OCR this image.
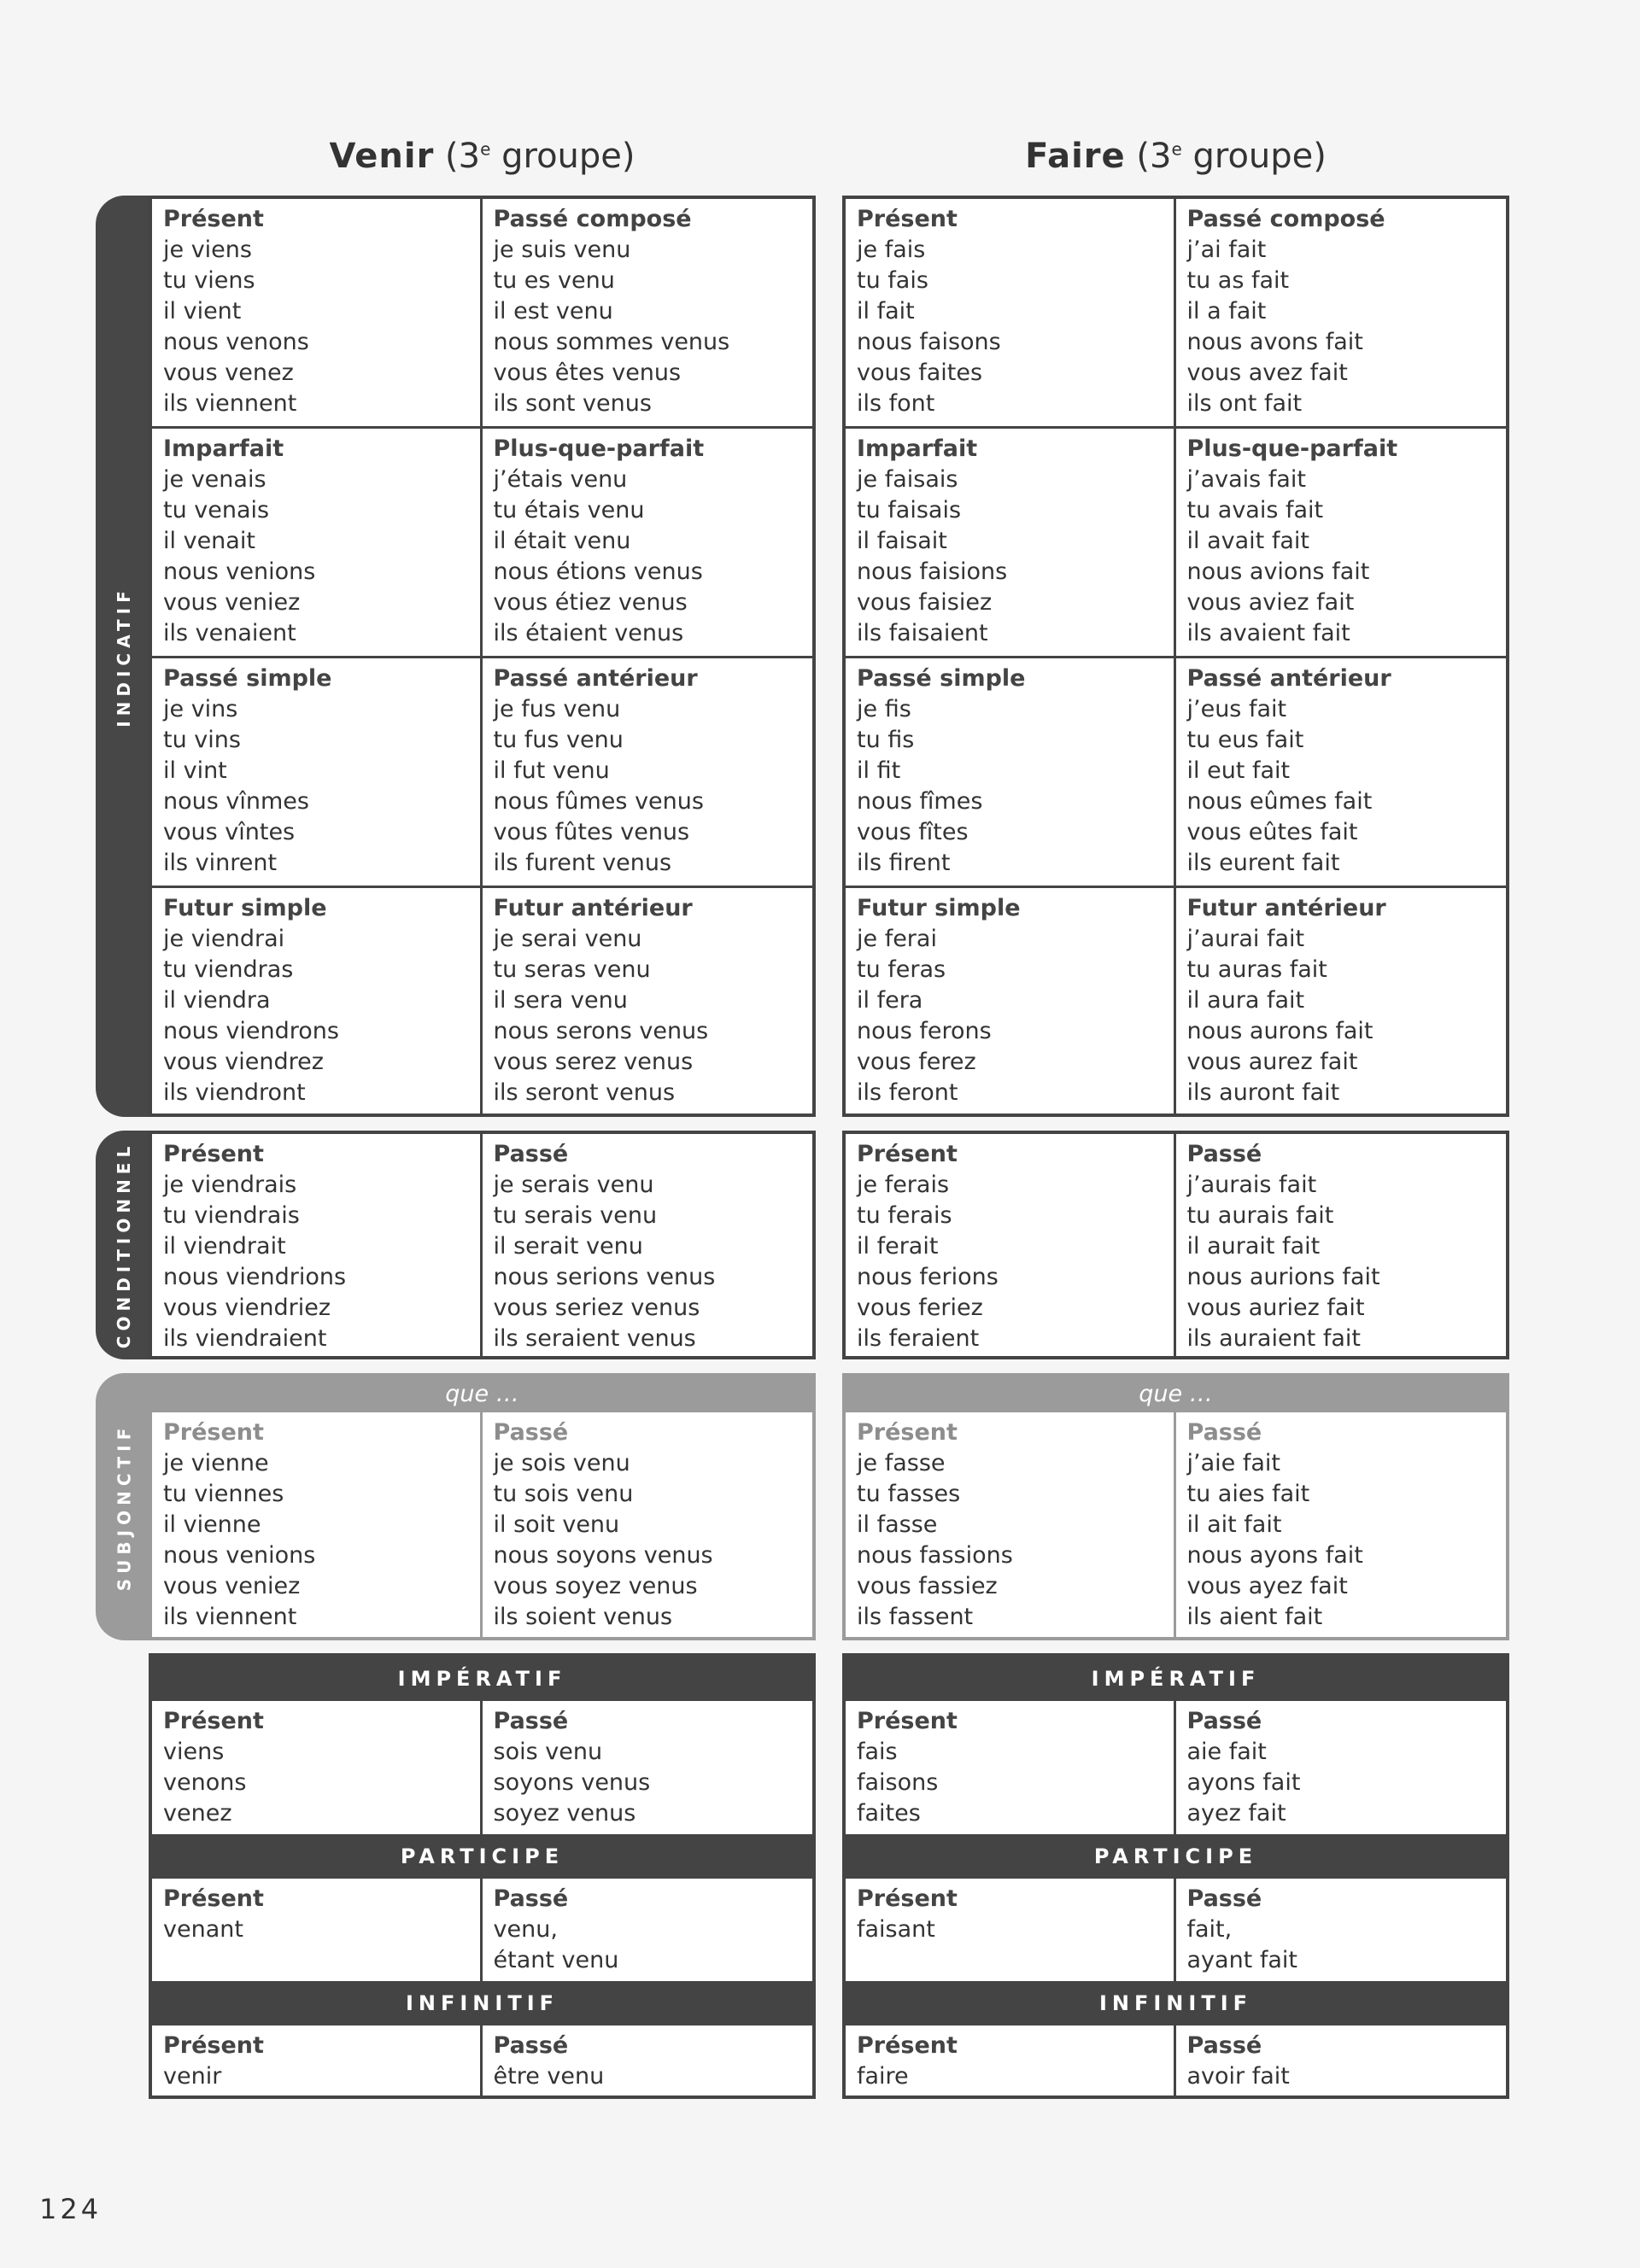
Venir (3e groupe)	Faire (3e groupe)
INDICATIF
CONDITIONNEL
SUBJONCTIF
Présent
je viens
tu viens
il vient
nous venons
vous venez
ils viennent
Passé composé
je suis venu
tu es venu
il est venu
nous sommes venus
vous êtes venus
ils sont venus
Imparfait
je venais
tu venais
il venait
nous venions
vous veniez
ils venaient
Plus-que-parfait
j’étais venu
tu étais venu
il était venu
nous étions venus
vous étiez venus
ils étaient venus
Passé simple
je vins
tu vins
il vint
nous vînmes
vous vîntes
ils vinrent
Passé antérieur
je fus venu
tu fus venu
il fut venu
nous fûmes venus
vous fûtes venus
ils furent venus
Futur simple
je viendrai
tu viendras
il viendra
nous viendrons
vous viendrez
ils viendront
Futur antérieur
je serai venu
tu seras venu
il sera venu
nous serons venus
vous serez venus
ils seront venus
Présent
je viendrais
tu viendrais
il viendrait
nous viendrions
vous viendriez
ils viendraient
Passé
je serais venu
tu serais venu
il serait venu
nous serions venus
vous seriez venus
ils seraient venus
que …
Présent
je vienne
tu viennes
il vienne
nous venions
vous veniez
ils viennent
Passé
je sois venu
tu sois venu
il soit venu
nous soyons venus
vous soyez venus
ils soient venus
IMPÉRATIF
Présent
viens
venons
venez
Passé
sois venu
soyons venus
soyez venus
PARTICIPE
Présent
venant
Passé
venu,
étant venu
INFINITIF
Présent
venir
Passé
être venu
Présent
je fais
tu fais
il fait
nous faisons
vous faites
ils font
Passé composé
j’ai fait
tu as fait
il a fait
nous avons fait
vous avez fait
ils ont fait
Imparfait
je faisais
tu faisais
il faisait
nous faisions
vous faisiez
ils faisaient
Plus-que-parfait
j’avais fait
tu avais fait
il avait fait
nous avions fait
vous aviez fait
ils avaient fait
Passé simple
je fis
tu fis
il fit
nous fîmes
vous fîtes
ils firent
Passé antérieur
j’eus fait
tu eus fait
il eut fait
nous eûmes fait
vous eûtes fait
ils eurent fait
Futur simple
je ferai
tu feras
il fera
nous ferons
vous ferez
ils feront
Futur antérieur
j’aurai fait
tu auras fait
il aura fait
nous aurons fait
vous aurez fait
ils auront fait
Présent
je ferais
tu ferais
il ferait
nous ferions
vous feriez
ils feraient
Passé
j’aurais fait
tu aurais fait
il aurait fait
nous aurions fait
vous auriez fait
ils auraient fait
que …
Présent
je fasse
tu fasses
il fasse
nous fassions
vous fassiez
ils fassent
Passé
j’aie fait
tu aies fait
il ait fait
nous ayons fait
vous ayez fait
ils aient fait
IMPÉRATIF
Présent
fais
faisons
faites
Passé
aie fait
ayons fait
ayez fait
PARTICIPE
Présent
faisant
Passé
fait,
ayant fait
INFINITIF
Présent
faire
Passé
avoir fait
124
